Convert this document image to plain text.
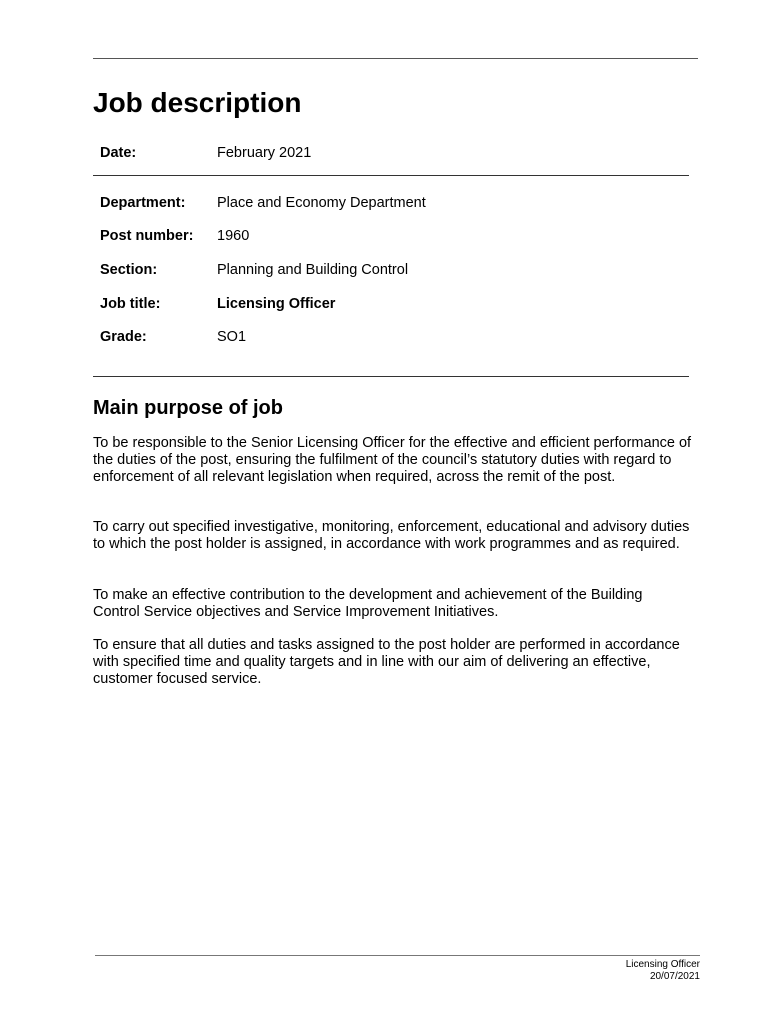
Job description
Date:	February 2021
Department: Place and Economy Department
Post number: 1960
Section:	Planning and Building Control
Job title:	Licensing Officer
Grade:	SO1
Main purpose of job

To be responsible to the Senior Licensing Officer for the effective and efficient performance of the duties of the post, ensuring the fulfilment of the council’s statutory duties with regard to enforcement of all relevant legislation when required, across the remit of the post.

To carry out specified investigative, monitoring, enforcement, educational and advisory duties to which the post holder is assigned, in accordance with work programmes and as required.

To make an effective contribution to the development and achievement of the Building Control Service objectives and Service Improvement Initiatives.

To ensure that all duties and tasks assigned to the post holder are performed in accordance with specified time and quality targets and in line with our aim of delivering an effective, customer focused service.

Licensing Officer
20/07/2021
